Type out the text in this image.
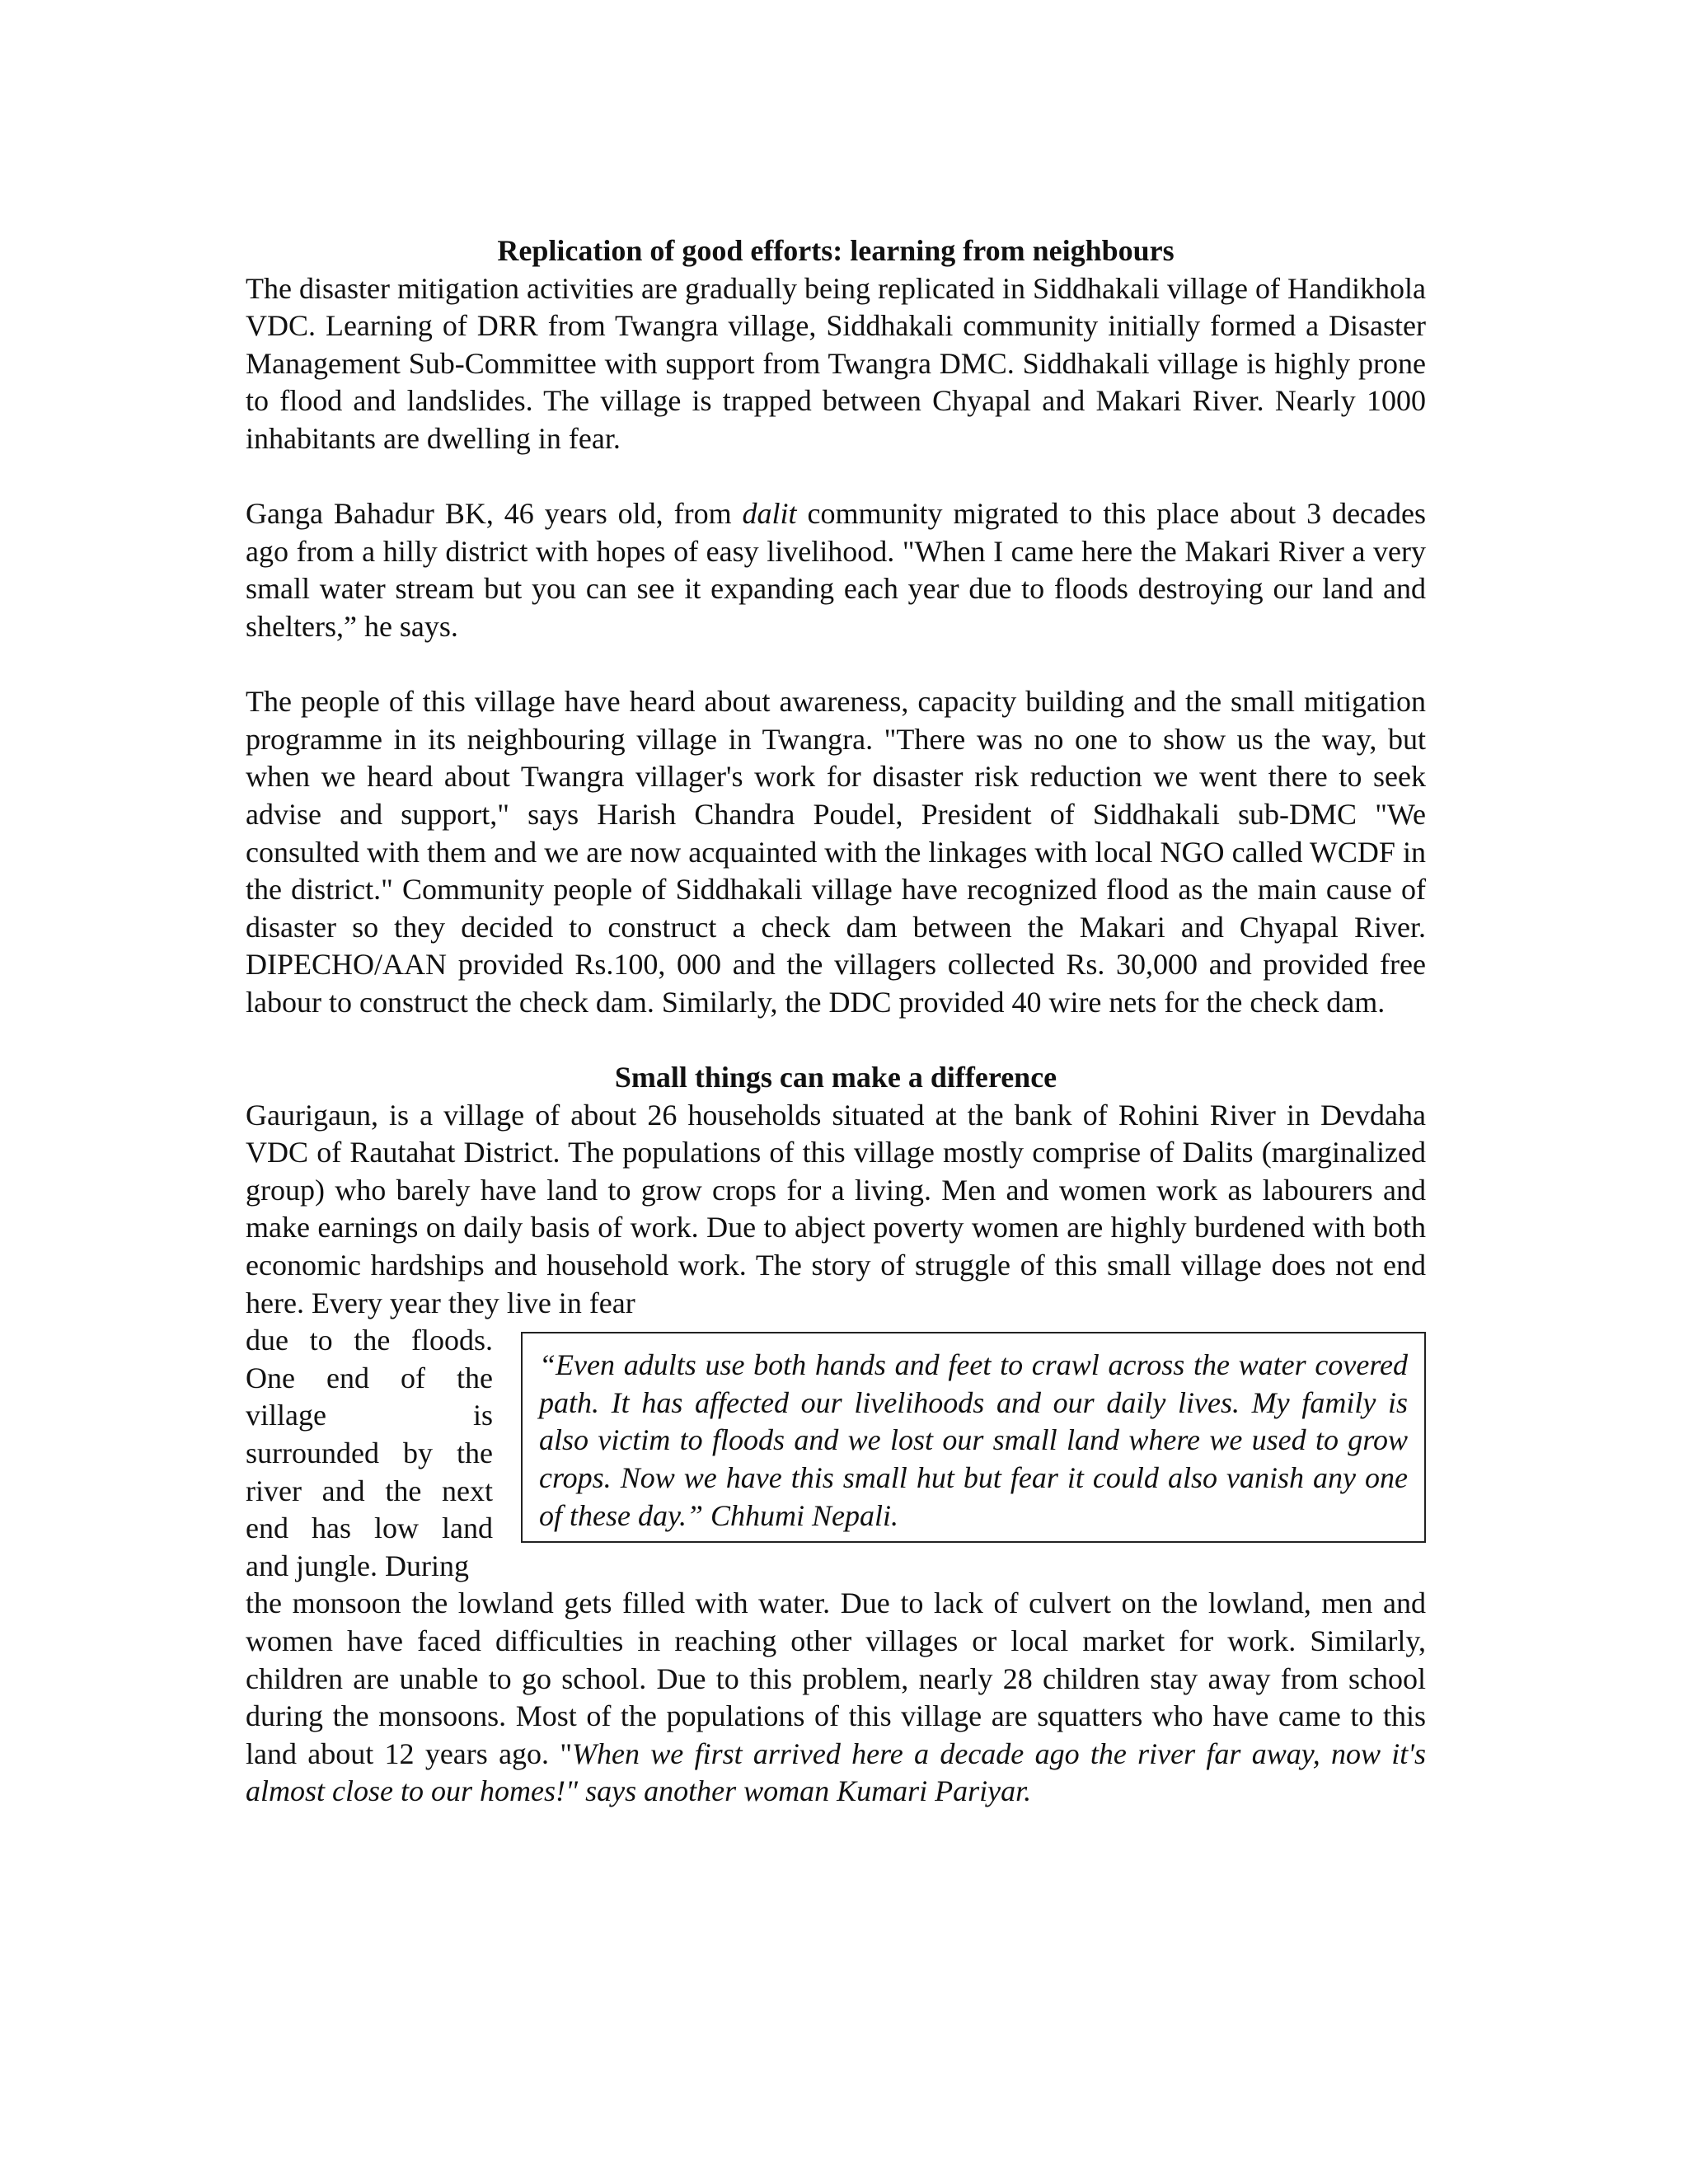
Replication of good efforts: learning from neighbours

The disaster mitigation activities are gradually being replicated in Siddhakali village of Handikhola VDC. Learning of DRR from Twangra village, Siddhakali community initially formed a Disaster Management Sub-Committee with support from Twangra DMC. Siddhakali village is highly prone to flood and landslides. The village is trapped between Chyapal and Makari River. Nearly 1000 inhabitants are dwelling in fear.

Ganga Bahadur BK, 46 years old, from dalit community migrated to this place about 3 decades ago from a hilly district with hopes of easy livelihood. "When I came here the Makari River a very small water stream but you can see it expanding each year due to floods destroying our land and shelters,” he says.

The people of this village have heard about awareness, capacity building and the small mitigation programme in its neighbouring village in Twangra. "There was no one to show us the way, but when we heard about Twangra villager's work for disaster risk reduction we went there to seek advise and support," says Harish Chandra Poudel, President of Siddhakali sub-DMC "We consulted with them and we are now acquainted with the linkages with local NGO called WCDF in the district." Community people of Siddhakali village have recognized flood as the main cause of disaster so they decided to construct a check dam between the Makari and Chyapal River. DIPECHO/AAN provided Rs.100, 000 and the villagers collected Rs. 30,000 and provided free labour to construct the check dam. Similarly, the DDC provided 40 wire nets for the check dam.

Small things can make a difference

Gaurigaun, is a village of about 26 households situated at the bank of Rohini River in Devdaha VDC of Rautahat District. The populations of this village mostly comprise of Dalits (marginalized group) who barely have land to grow crops for a living. Men and women work as labourers and make earnings on daily basis of work. Due to abject poverty women are highly burdened with both economic hardships and household work. The story of struggle of this small village does not end here. Every year they live in fear

“Even adults use both hands and feet to crawl across the water covered path. It has affected our livelihoods and our daily lives. My family is also victim to floods and we lost our small land where we used to grow crops. Now we have this small hut but fear it could also vanish any one of these day.” Chhumi Nepali.

due to the floods. One end of the village is surrounded by the river and the next end has low land and jungle. During

the monsoon the lowland gets filled with water. Due to lack of culvert on the lowland, men and women have faced difficulties in reaching other villages or local market for work. Similarly, children are unable to go school. Due to this problem, nearly 28 children stay away from school during the monsoons. Most of the populations of this village are squatters who have came to this land about 12 years ago. "When we first arrived here a decade ago the river far away, now it's almost close to our homes!" says another woman Kumari Pariyar.
